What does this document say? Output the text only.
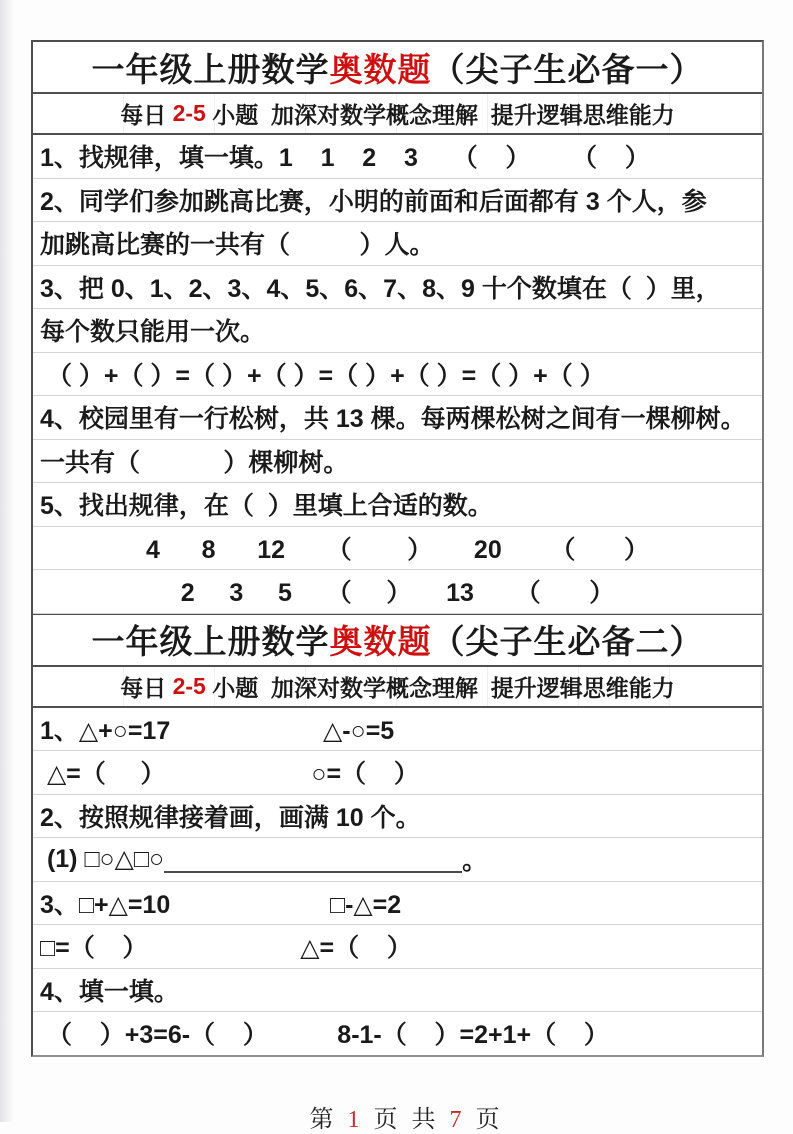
一年级上册数学 奥数题 （尖子生必备一）
每日 2-5 小题  加深对数学概念理解  提升逻辑思维能力
1、找规律，填一填。1    1    2    3     （    ）      （    ）
2、同学们参加跳高比赛，小明的前面和后面都有 3 个人，参
加跳高比赛的一共有（          ）人。
3、把 0、1、2、3、4、5、6、7、8、9 十个数填在（  ）里，
每个数只能用一次。
（ ）+（ ）=（ ）+（ ）=（ ）+（ ）=（ ）+（ ）
4、校园里有一行松树，共 13 棵。每两棵松树之间有一棵柳树。
一共有（            ）棵柳树。
5、找出规律，在（  ）里填上合适的数。
4      8      12      （        ）      20       （       ）
2     3     5     （     ）     13      （       ）
一年级上册数学 奥数题 （尖子生必备二）
每日 2-5 小题  加深对数学概念理解  提升逻辑思维能力
1、△+○=17                      △-○=5
△=（     ）                     ○=（    ）
2、按照规律接着画，画满 10 个。
(1) □○△□○	。
3、□+△=10                       □-△=2
□=（    ）                      △=（    ）
4、填一填。
（    ）+3=6-（    ）          8-1-（    ）=2+1+（    ）

第 1 页 共 7 页
